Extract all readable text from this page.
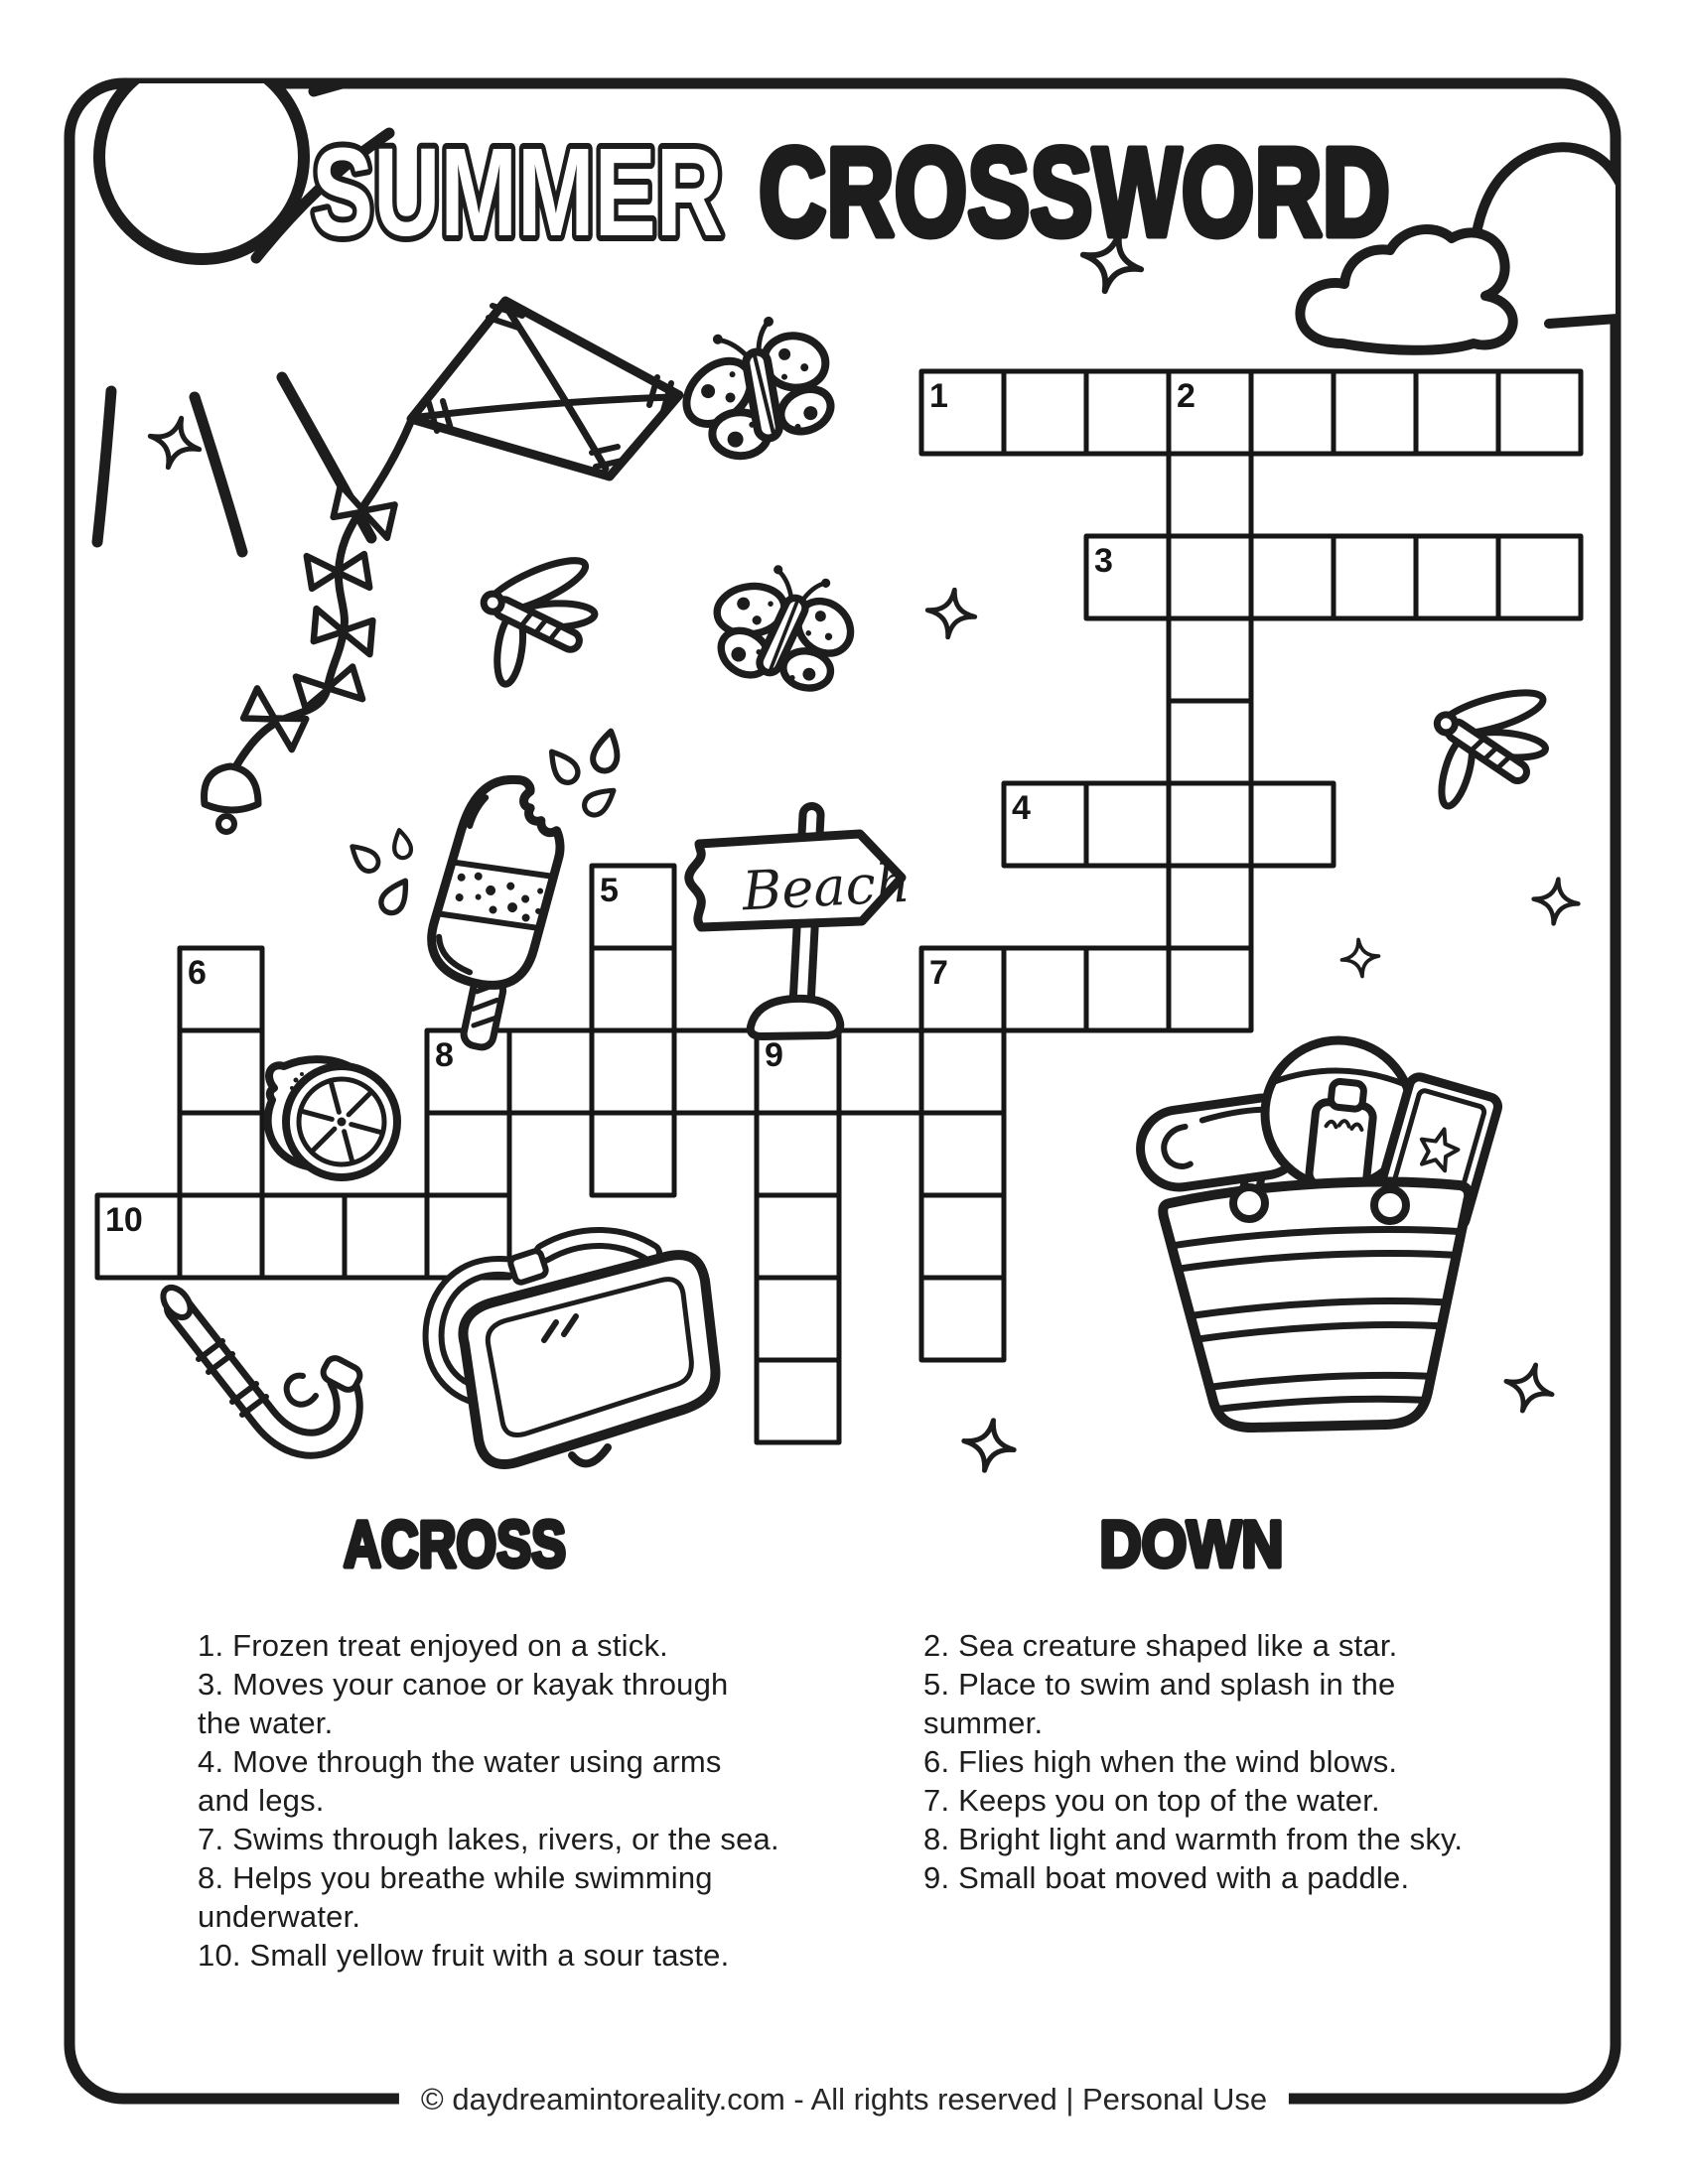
1	2
3
4
5
6	7
8	9
10
Beach
SUMMER CROSSWORD
ACROSS	DOWN
1. Frozen treat enjoyed on a stick.
3. Moves your canoe or kayak through
the water.
4. Move through the water using arms
and legs.
7. Swims through lakes, rivers, or the sea.
8. Helps you breathe while swimming
underwater.
10. Small yellow fruit with a sour taste.
2. Sea creature shaped like a star.
5. Place to swim and splash in the
summer.
6. Flies high when the wind blows.
7. Keeps you on top of the water.
8. Bright light and warmth from the sky.
9. Small boat moved with a paddle.
© daydreamintoreality.com - All rights reserved | Personal Use
